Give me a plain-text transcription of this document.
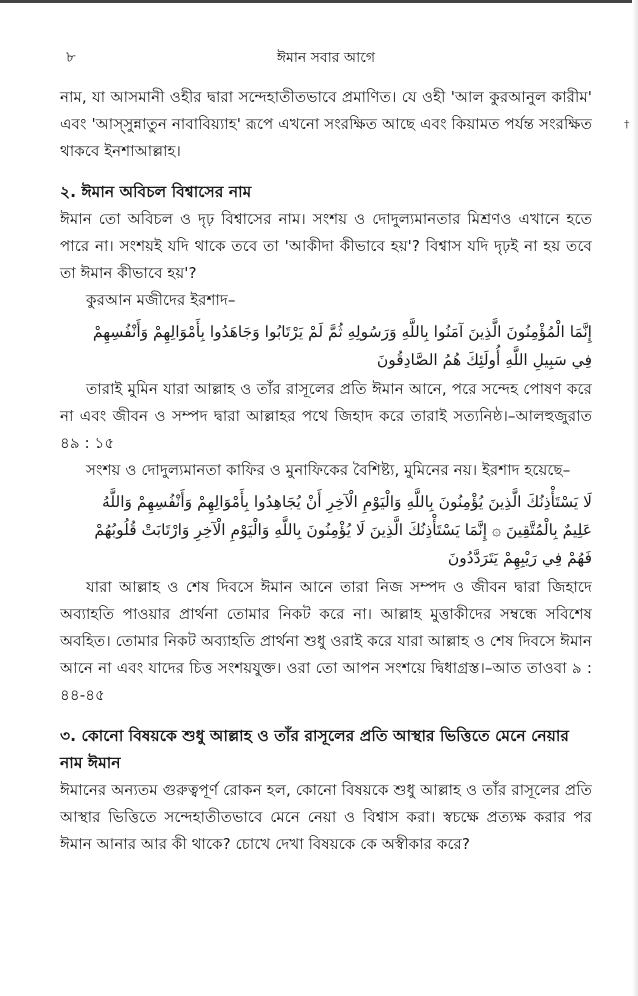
†
৮	ঈমান সবার আগে

নাম, যা আসমানী ওহীর দ্বারা সন্দেহাতীতভাবে প্রমাণিত। যে ওহী 'আল কুরআনুল কারীম' এবং 'আস্‌সুন্নাতুন নাবাবিয়্যাহ' রূপে এখনো সংরক্ষিত আছে এবং কিয়ামত পর্যন্ত সংরক্ষিত থাকবে ইনশাআল্লাহ।

২. ঈমান অবিচল বিশ্বাসের নাম

ঈমান তো অবিচল ও দৃঢ় বিশ্বাসের নাম। সংশয় ও দোদুল্যমানতার মিশ্রণও এখানে হতে পারে না। সংশয়ই যদি থাকে তবে তা 'আকীদা কীভাবে হয়'? বিশ্বাস যদি দৃঢ়ই না হয় তবে তা ঈমান কীভাবে হয়'?

কুরআন মজীদের ইরশাদ–

إِنَّمَا الْمُؤْمِنُونَ الَّذِينَ آمَنُوا بِاللَّهِ وَرَسُولِهِ ثُمَّ لَمْ يَرْتَابُوا وَجَاهَدُوا بِأَمْوَالِهِمْ وَأَنْفُسِهِمْ
فِي سَبِيلِ اللَّهِ أُولَئِكَ هُمُ الصَّادِقُونَ

তারাই মুমিন যারা আল্লাহ ও তাঁর রাসূলের প্রতি ঈমান আনে, পরে সন্দেহ পোষণ করে না এবং জীবন ও সম্পদ দ্বারা আল্লাহর পথে জিহাদ করে তারাই সত্যনিষ্ঠ।–আলহুজুরাত ৪৯ : ১৫

সংশয় ও দোদুল্যমানতা কাফির ও মুনাফিকের বৈশিষ্ট্য, মুমিনের নয়। ইরশাদ হয়েছে–

لَا يَسْتَأْذِنُكَ الَّذِينَ يُؤْمِنُونَ بِاللَّهِ وَالْيَوْمِ الْآخِرِ أَنْ يُجَاهِدُوا بِأَمْوَالِهِمْ وَأَنْفُسِهِمْ وَاللَّهُ
عَلِيمٌ بِالْمُتَّقِينَ ۞ إِنَّمَا يَسْتَأْذِنُكَ الَّذِينَ لَا يُؤْمِنُونَ بِاللَّهِ وَالْيَوْمِ الْآخِرِ وَارْتَابَتْ قُلُوبُهُمْ
فَهُمْ فِي رَيْبِهِمْ يَتَرَدَّدُونَ

যারা আল্লাহ ও শেষ দিবসে ঈমান আনে তারা নিজ সম্পদ ও জীবন দ্বারা জিহাদে অব্যাহতি পাওয়ার প্রার্থনা তোমার নিকট করে না। আল্লাহ মুত্তাকীদের সম্বন্ধে সবিশেষ অবহিত। তোমার নিকট অব্যাহতি প্রার্থনা শুধু ওরাই করে যারা আল্লাহ ও শেষ দিবসে ঈমান আনে না এবং যাদের চিত্ত সংশয়যুক্ত। ওরা তো আপন সংশয়ে দ্বিধাগ্রস্ত।–আত তাওবা ৯ : ৪৪-৪৫

৩. কোনো বিষয়কে শুধু আল্লাহ ও তাঁর রাসূলের প্রতি আস্থার ভিত্তিতে মেনে নেয়ার নাম ঈমান

ঈমানের অন্যতম গুরুত্বপূর্ণ রোকন হল, কোনো বিষয়কে শুধু আল্লাহ ও তাঁর রাসূলের প্রতি আস্থার ভিত্তিতে সন্দেহাতীতভাবে মেনে নেয়া ও বিশ্বাস করা। স্বচক্ষে প্রত্যক্ষ করার পর ঈমান আনার আর কী থাকে? চোখে দেখা বিষয়কে কে অস্বীকার করে?
